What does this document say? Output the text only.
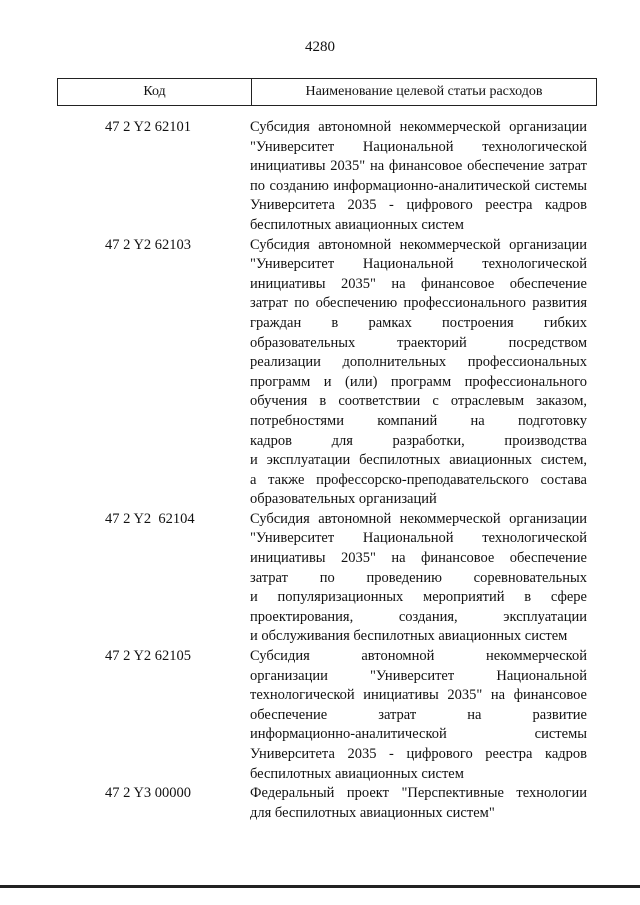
4280
Код	Наименование целевой статьи расходов
47 2 Y2 62101	Субсидия автономной некоммерческой организации
"Университет Национальной технологической
инициативы 2035" на финансовое обеспечение затрат
по созданию информационно-аналитической системы
Университета 2035 - цифрового реестра кадров
беспилотных авиационных систем
47 2 Y2 62103	Субсидия автономной некоммерческой организации
"Университет Национальной технологической
инициативы 2035" на финансовое обеспечение
затрат по обеспечению профессионального развития
граждан в рамках построения гибких
образовательных траекторий посредством
реализации дополнительных профессиональных
программ и (или) программ профессионального
обучения в соответствии с отраслевым заказом,
потребностями компаний на подготовку
кадров для разработки, производства
и эксплуатации беспилотных авиационных систем,
а также профессорско-преподавательского состава
образовательных организаций
47 2 Y2  62104	Субсидия автономной некоммерческой организации
"Университет Национальной технологической
инициативы 2035" на финансовое обеспечение
затрат по проведению соревновательных
и популяризационных мероприятий в сфере
проектирования, создания, эксплуатации
и обслуживания беспилотных авиационных систем
47 2 Y2 62105	Субсидия автономной некоммерческой
организации "Университет Национальной
технологической инициативы 2035" на финансовое
обеспечение затрат на развитие
информационно-аналитической системы
Университета 2035 - цифрового реестра кадров
беспилотных авиационных систем
47 2 Y3 00000	Федеральный проект "Перспективные технологии
для беспилотных авиационных систем"
